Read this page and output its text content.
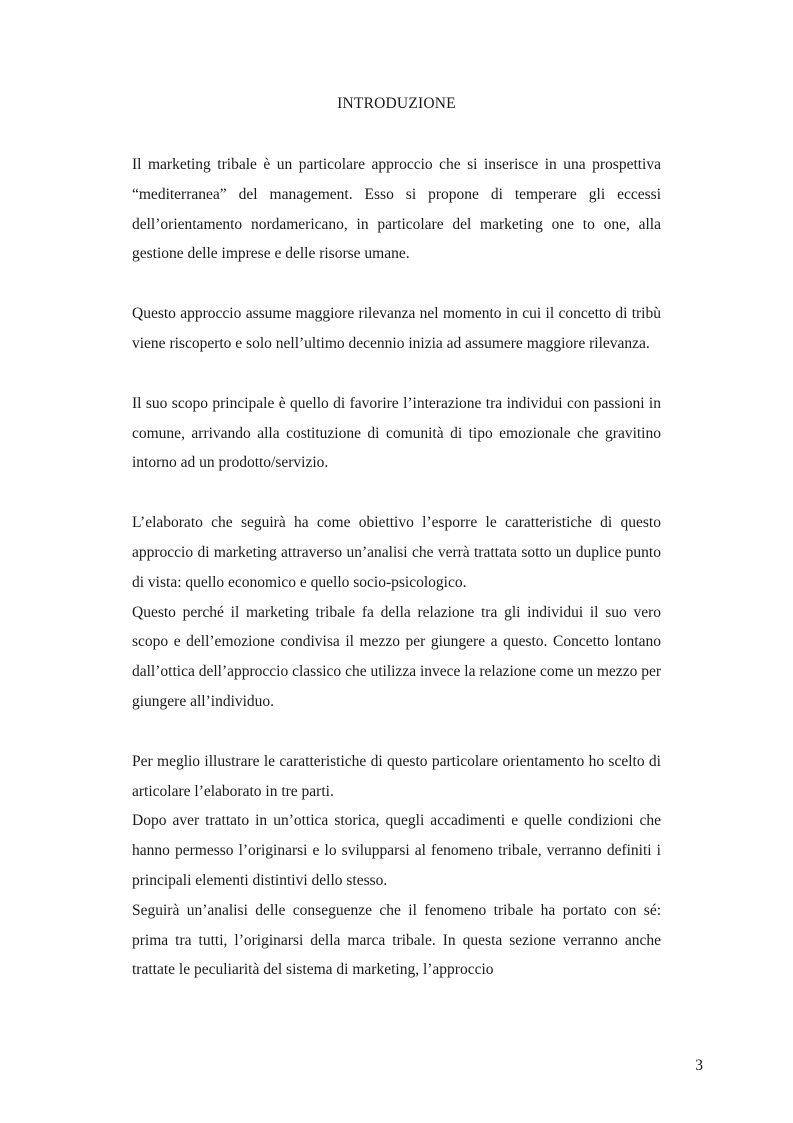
INTRODUZIONE

Il marketing tribale è un particolare approccio che si inserisce in una prospettiva “mediterranea” del management. Esso si propone di temperare gli eccessi dell’orientamento nordamericano, in particolare del marketing one to one, alla gestione delle imprese e delle risorse umane.

Questo approccio assume maggiore rilevanza nel momento in cui il concetto di tribù viene riscoperto e solo nell’ultimo decennio inizia ad assumere maggiore rilevanza.

Il suo scopo principale è quello di favorire l’interazione tra individui con passioni in comune, arrivando alla costituzione di comunità di tipo emozionale che gravitino intorno ad un prodotto/servizio.

L’elaborato che seguirà ha come obiettivo l’esporre le caratteristiche di questo approccio di marketing attraverso un’analisi che verrà trattata sotto un duplice punto di vista: quello economico e quello socio-psicologico.

Questo perché il marketing tribale fa della relazione tra gli individui il suo vero scopo e dell’emozione condivisa il mezzo per giungere a questo. Concetto lontano dall’ottica dell’approccio classico che utilizza invece la relazione come un mezzo per giungere all’individuo.

Per meglio illustrare le caratteristiche di questo particolare orientamento ho scelto di articolare l’elaborato in tre parti.

Dopo aver trattato in un’ottica storica, quegli accadimenti e quelle condizioni che hanno permesso l’originarsi e lo svilupparsi al fenomeno tribale, verranno definiti i principali elementi distintivi dello stesso.

Seguirà un’analisi delle conseguenze che il fenomeno tribale ha portato con sé: prima tra tutti, l’originarsi della marca tribale. In questa sezione verranno anche trattate le peculiarità del sistema di marketing, l’approccio

3
